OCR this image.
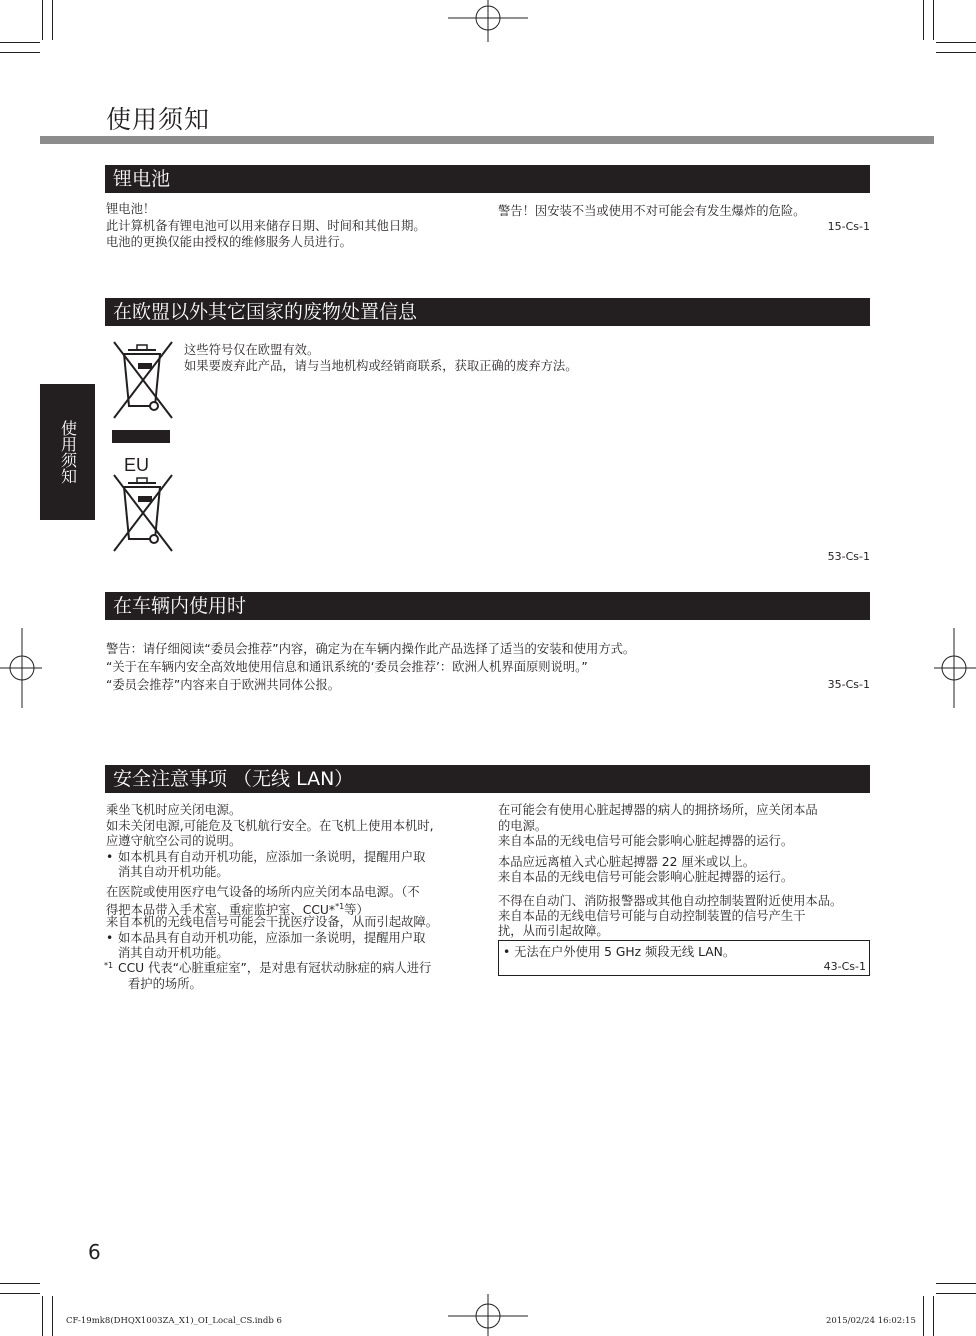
使用须知
使用须知
锂电池
锂电池！
此计算机备有锂电池可以用来储存日期、时间和其他日期。
电池的更换仅能由授权的维修服务人员进行。
警告！因安装不当或使用不对可能会有发生爆炸的危险。
15-Cs-1
在欧盟以外其它国家的废物处置信息
EU
这些符号仅在欧盟有效。
如果要废弃此产品，请与当地机构或经销商联系，获取正确的废弃方法。
53-Cs-1
在车辆内使用时
警告：请仔细阅读“委员会推荐”内容，确定为在车辆内操作此产品选择了适当的安装和使用方式。
“关于在车辆内安全高效地使用信息和通讯系统的‘委员会推荐’：欧洲人机界面原则说明。”
“委员会推荐”内容来自于欧洲共同体公报。	35-Cs-1
安全注意事项 （无线 LAN）
乘坐飞机时应关闭电源。
如未关闭电源,可能危及飞机航行安全。在飞机上使用本机时,
应遵守航空公司的说明。
• 如本机具有自动开机功能，应添加一条说明，提醒用户取
消其自动开机功能。
在医院或使用医疗电气设备的场所内应关闭本品电源。（不
得把本品带入手术室、重症监护室、CCU*$^{*1}$等）
来自本机的无线电信号可能会干扰医疗设备，从而引起故障。
• 如本品具有自动开机功能，应添加一条说明，提醒用户取
消其自动开机功能。
*1 CCU 代表“心脏重症室”，是对患有冠状动脉症的病人进行
看护的场所。
在可能会有使用心脏起搏器的病人的拥挤场所，应关闭本品
的电源。
来自本品的无线电信号可能会影响心脏起搏器的运行。
本品应远离植入式心脏起搏器 22 厘米或以上。
来自本品的无线电信号可能会影响心脏起搏器的运行。
不得在自动门、消防报警器或其他自动控制装置附近使用本品。
来自本品的无线电信号可能与自动控制装置的信号产生干
扰，从而引起故障。
• 无法在户外使用 5 GHz 频段无线 LAN。
43-Cs-1
6
CF-19mk8(DHQX1003ZA_X1)_OI_Local_CS.indb 6	2015/02/24 16:02:15
